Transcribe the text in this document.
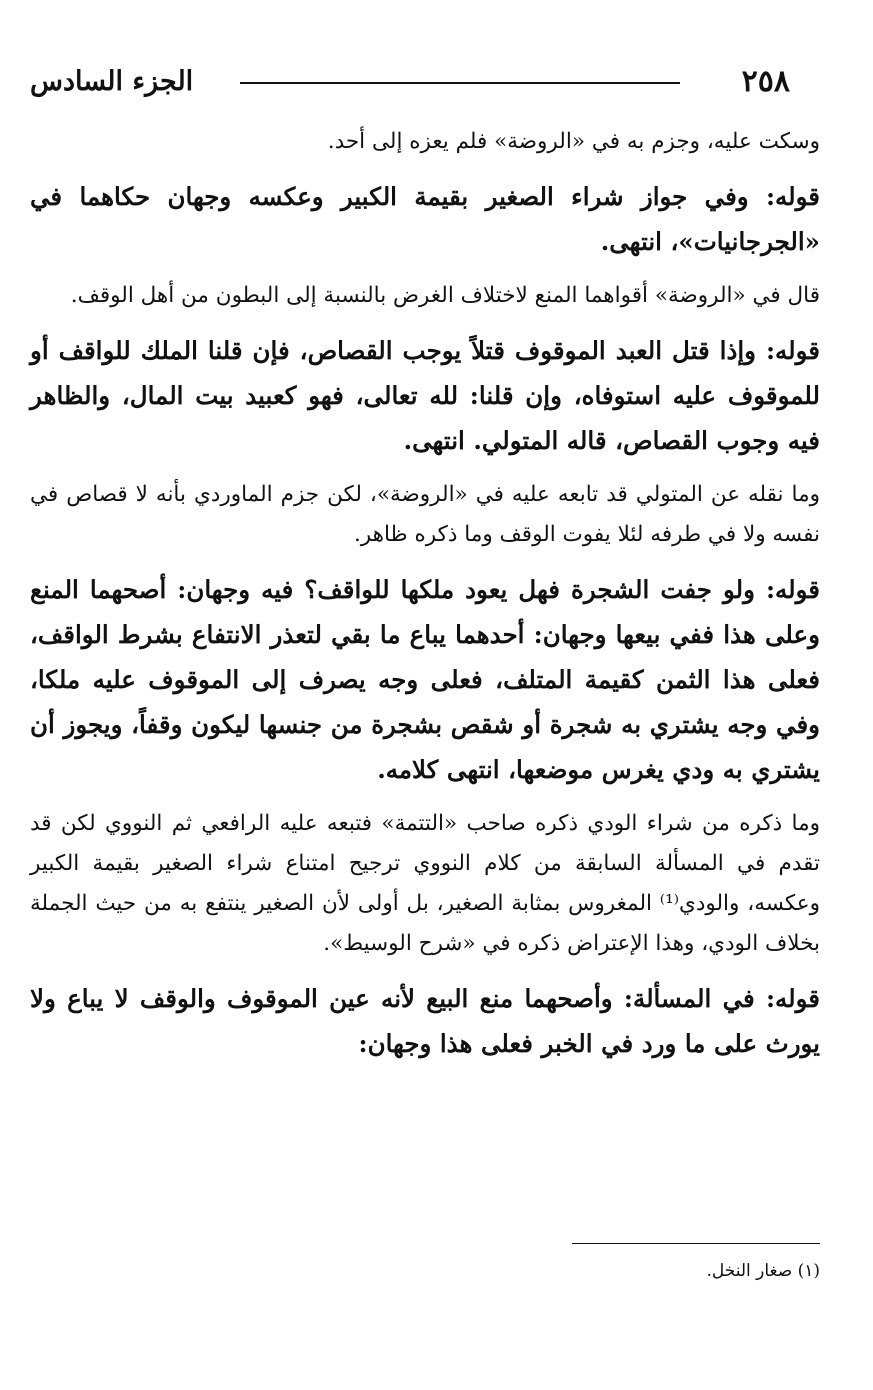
٢٥٨
الجزء السادس

وسكت عليه، وجزم به في «الروضة» فلم يعزه إلى أحد.

قوله: وفي جواز شراء الصغير بقيمة الكبير وعكسه وجهان حكاهما في «الجرجانيات»، انتهى.

قال في «الروضة» أقواهما المنع لاختلاف الغرض بالنسبة إلى البطون من أهل الوقف.

قوله: وإذا قتل العبد الموقوف قتلاً يوجب القصاص، فإن قلنا الملك للواقف أو للموقوف عليه استوفاه، وإن قلنا: لله تعالى، فهو كعبيد بيت المال، والظاهر فيه وجوب القصاص، قاله المتولي. انتهى.

وما نقله عن المتولي قد تابعه عليه في «الروضة»، لكن جزم الماوردي بأنه لا قصاص في نفسه ولا في طرفه لئلا يفوت الوقف وما ذكره ظاهر.

قوله: ولو جفت الشجرة فهل يعود ملكها للواقف؟ فيه وجهان: أصحهما المنع وعلى هذا ففي بيعها وجهان: أحدهما يباع ما بقي لتعذر الانتفاع بشرط الواقف، فعلى هذا الثمن كقيمة المتلف، فعلى وجه يصرف إلى الموقوف عليه ملكا، وفي وجه يشتري به شجرة أو شقص بشجرة من جنسها ليكون وقفاً، ويجوز أن يشتري به ودي يغرس موضعها، انتهى كلامه.

وما ذكره من شراء الودي ذكره صاحب «التتمة» فتبعه عليه الرافعي ثم النووي لكن قد تقدم في المسألة السابقة من كلام النووي ترجيح امتناع شراء الصغير بقيمة الكبير وعكسه، والودي⁽¹⁾ المغروس بمثابة الصغير، بل أولى لأن الصغير ينتفع به من حيث الجملة بخلاف الودي، وهذا الإعتراض ذكره في «شرح الوسيط».

قوله: في المسألة: وأصحهما منع البيع لأنه عين الموقوف والوقف لا يباع ولا يورث على ما ورد في الخبر فعلى هذا وجهان:

(١) صغار النخل.
